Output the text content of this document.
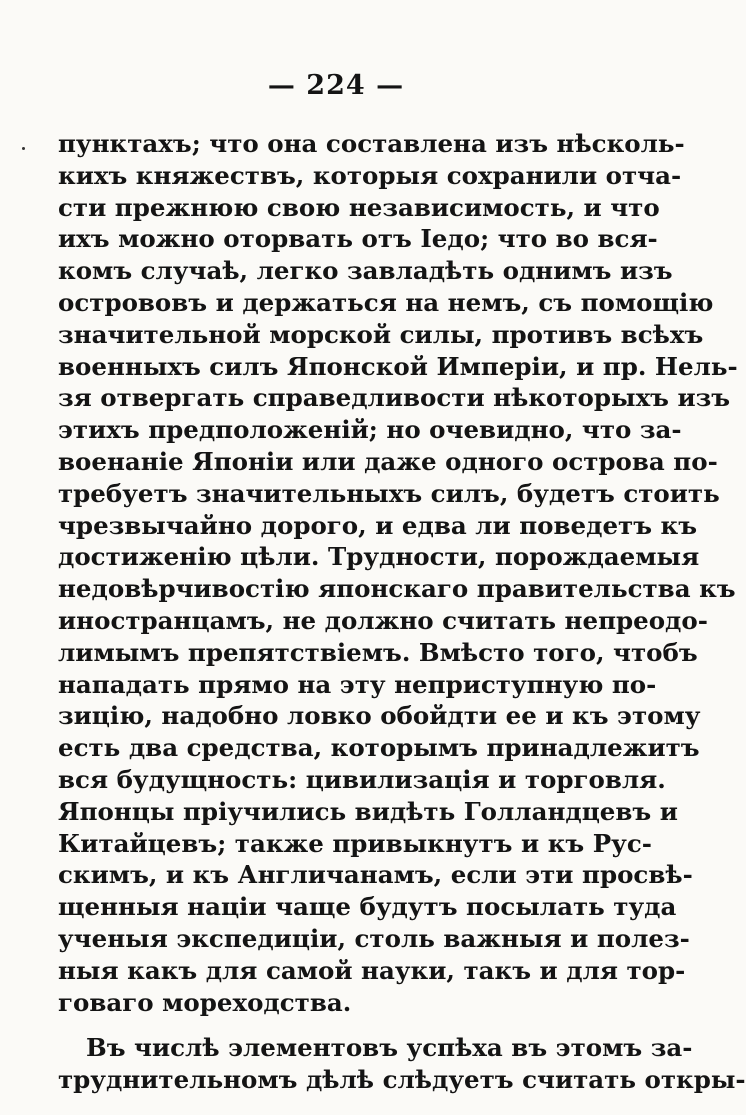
— 224 —
пунктахъ; что она составлена изъ нѣсколь-
кихъ княжествъ, которыя сохранили отча-
сти прежнюю свою независимость, и что
ихъ можно оторвать отъ Іедо; что во вся-
комъ случаѣ, легко завладѣть однимъ изъ
острововъ и держаться на немъ, съ помощію
значительной морской силы, противъ всѣхъ
военныхъ силъ Японской Имперіи, и пр. Нель-
зя отвергать справедливости нѣкоторыхъ изъ
этихъ предположеній; но очевидно, что за-
военаніе Японіи или даже одного острова по-
требуетъ значительныхъ силъ, будетъ стоить
чрезвычайно дорого, и едва ли поведетъ къ
достиженію цѣли. Трудности, порождаемыя
недовѣрчивостію японскаго правительства къ
иностранцамъ, не должно считать непреодо-
лимымъ препятствіемъ. Вмѣсто того, чтобъ
нападать прямо на эту неприступную по-
зицію, надобно ловко обойдти ее и къ этому
есть два средства, которымъ принадлежитъ
вся будущность: цивилизація и торговля.
Японцы пріучились видѣть Голландцевъ и
Китайцевъ; также привыкнутъ и къ Рус-
скимъ, и къ Англичанамъ, если эти просвѣ-
щенныя націи чаще будутъ посылать туда
ученыя экспедиціи, столь важныя и полез-
ныя какъ для самой науки, такъ и для тор-
говаго мореходства.
Въ числѣ элементовъ успѣха въ этомъ за-
труднительномъ дѣлѣ слѣдуетъ считать откры-
